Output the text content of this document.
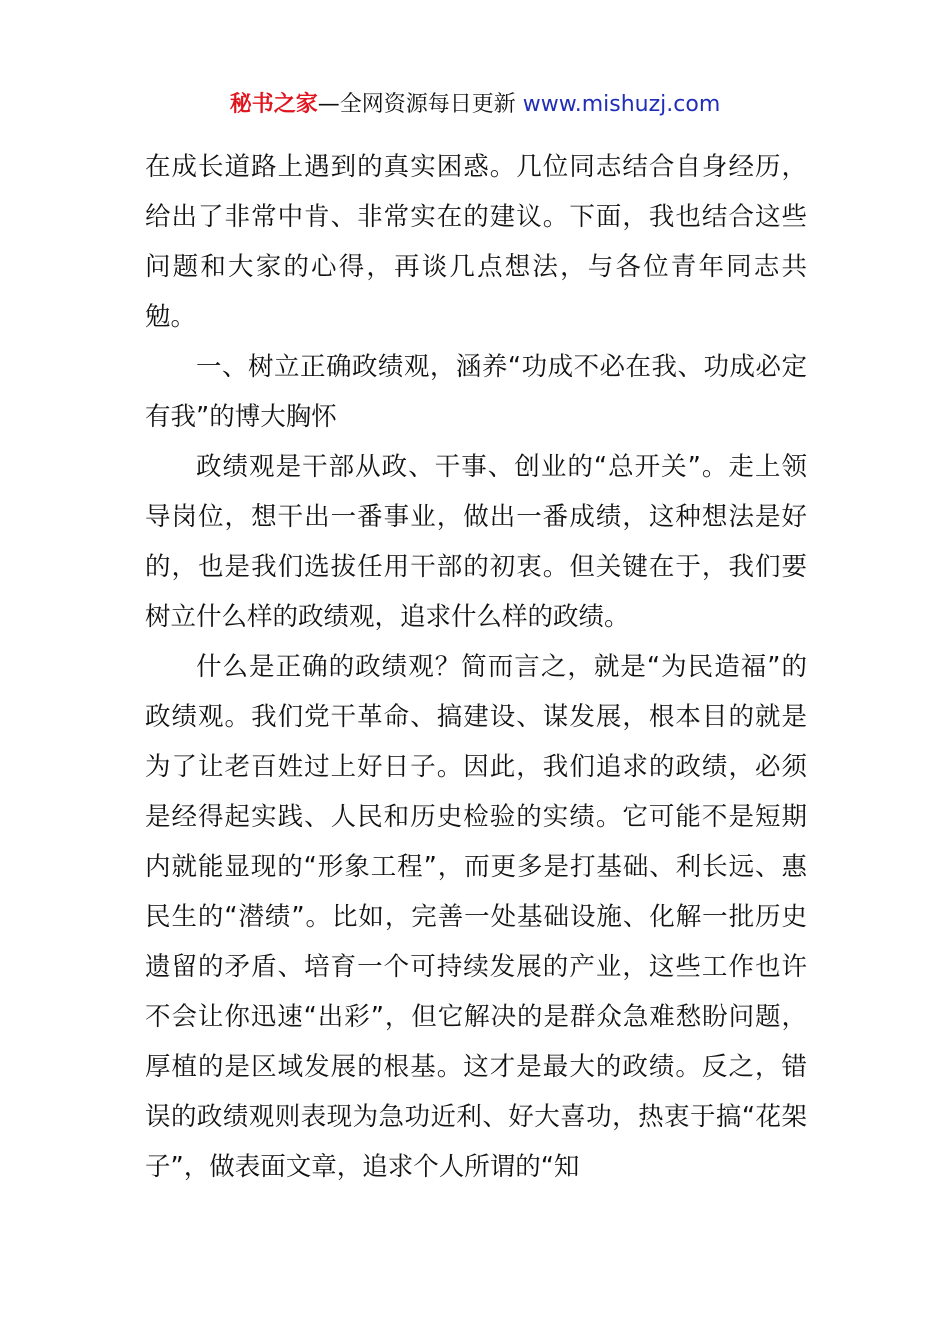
秘书之家—全网资源每日更新 www.mishuzj.com

在成长道路上遇到的真实困惑。几位同志结合自身经历，给出了非常中肯、非常实在的建议。下面，我也结合这些问题和大家的心得，再谈几点想法，与各位青年同志共勉。

一、树立正确政绩观，涵养“功成不必在我、功成必定有我”的博大胸怀

政绩观是干部从政、干事、创业的“总开关”。走上领导岗位，想干出一番事业，做出一番成绩，这种想法是好的，也是我们选拔任用干部的初衷。但关键在于，我们要树立什么样的政绩观，追求什么样的政绩。

什么是正确的政绩观？简而言之，就是“为民造福”的政绩观。我们党干革命、搞建设、谋发展，根本目的就是为了让老百姓过上好日子。因此，我们追求的政绩，必须是经得起实践、人民和历史检验的实绩。它可能不是短期内就能显现的“形象工程”，而更多是打基础、利长远、惠民生的“潜绩”。比如，完善一处基础设施、化解一批历史遗留的矛盾、培育一个可持续发展的产业，这些工作也许不会让你迅速“出彩”，但它解决的是群众急难愁盼问题，厚植的是区域发展的根基。这才是最大的政绩。反之，错误的政绩观则表现为急功近利、好大喜功，热衷于搞“花架子”，做表面文章，追求个人所谓的“知
